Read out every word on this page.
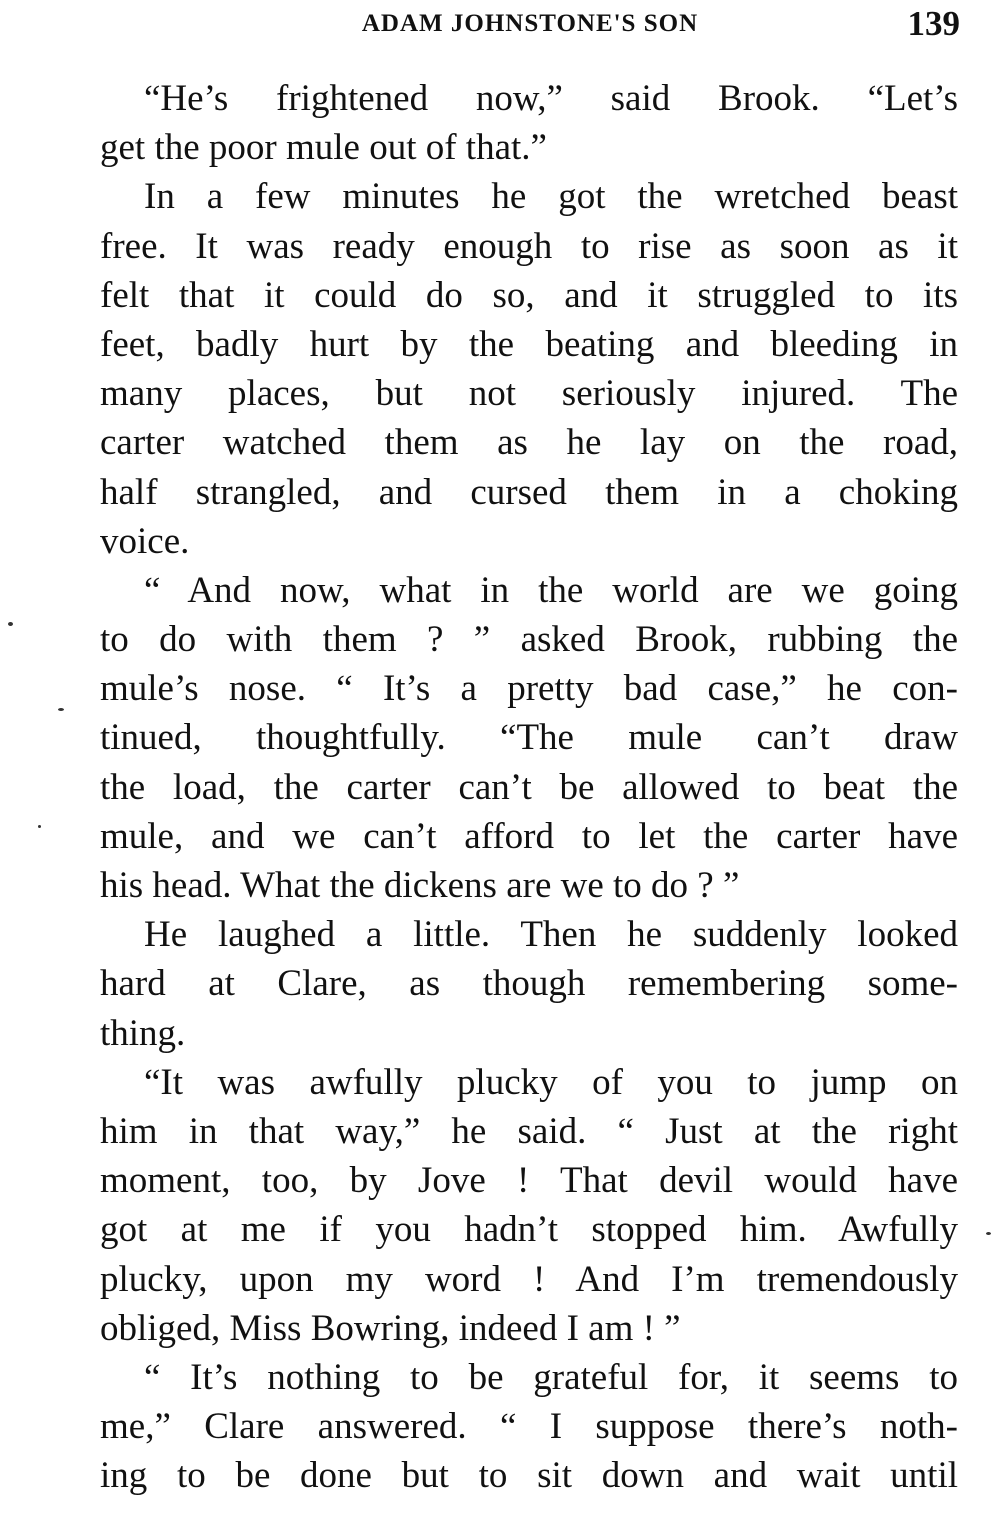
ADAM JOHNSTONE'S SON	139
“He’s frightened now,” said Brook. “Let’s
get the poor mule out of that.”
In a few minutes he got the wretched beast
free. It was ready enough to rise as soon as it
felt that it could do so, and it struggled to its
feet, badly hurt by the beating and bleeding in
many places, but not seriously injured. The
carter watched them as he lay on the road,
half strangled, and cursed them in a choking
voice.
“ And now, what in the world are we going
to do with them ? ” asked Brook, rubbing the
mule’s nose. “ It’s a pretty bad case,” he con-
tinued, thoughtfully. “The mule can’t draw
the load, the carter can’t be allowed to beat the
mule, and we can’t afford to let the carter have
his head. What the dickens are we to do ? ”
He laughed a little. Then he suddenly looked
hard at Clare, as though remembering some-
thing.
“It was awfully plucky of you to jump on
him in that way,” he said. “ Just at the right
moment, too, by Jove ! That devil would have
got at me if you hadn’t stopped him. Awfully
plucky, upon my word ! And I’m tremendously
obliged, Miss Bowring, indeed I am ! ”
“ It’s nothing to be grateful for, it seems to
me,” Clare answered. “ I suppose there’s noth-
ing to be done but to sit down and wait until
